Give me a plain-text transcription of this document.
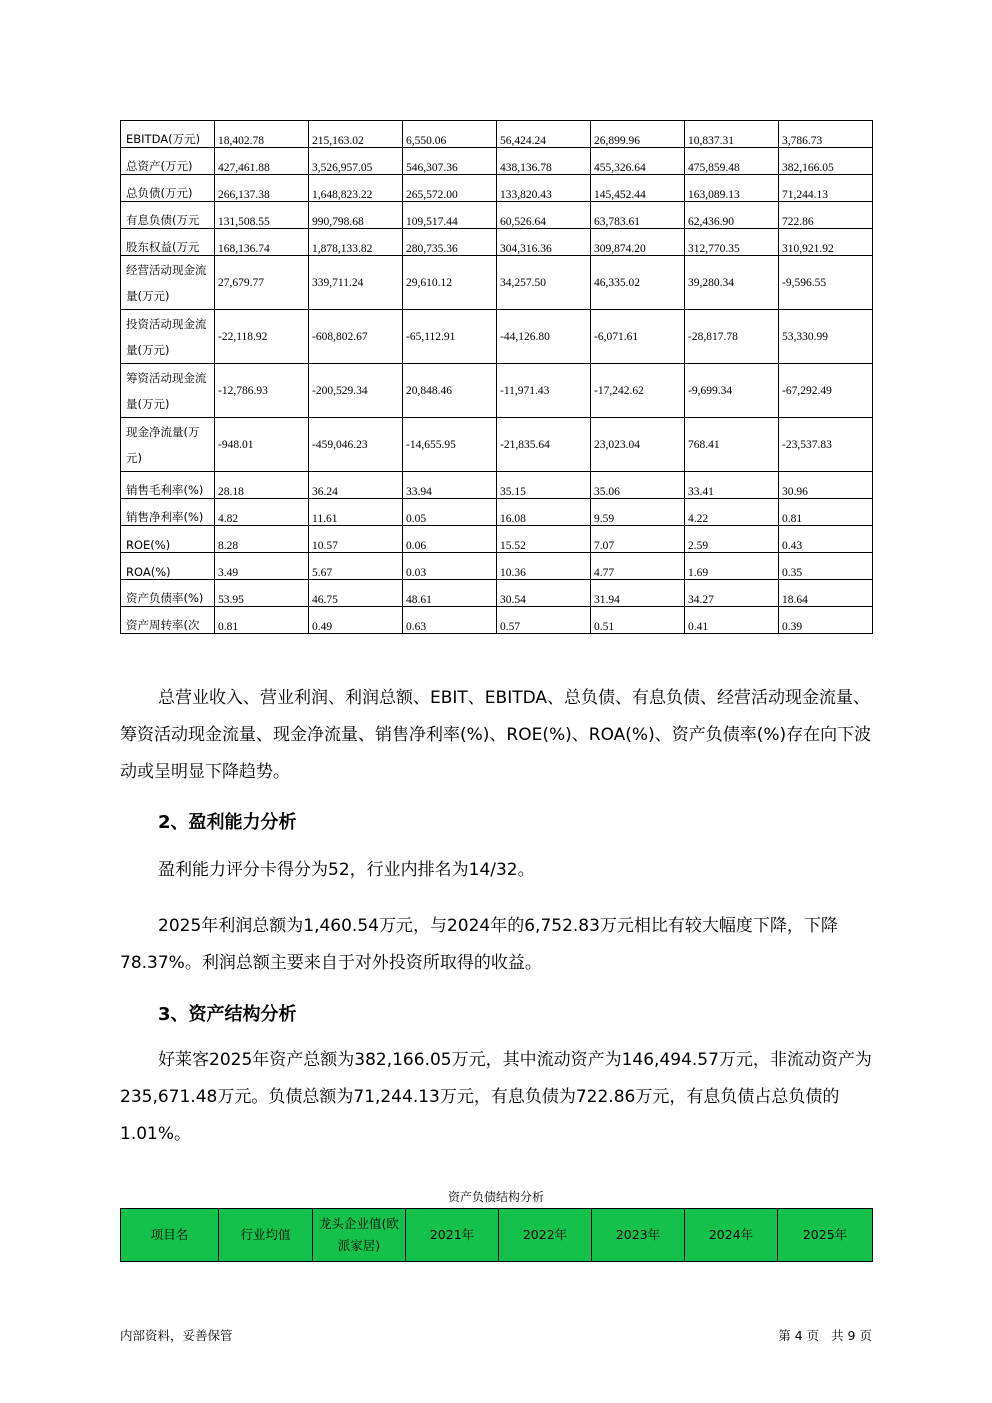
EBITDA(万元)	18,402.78	215,163.02	6,550.06	56,424.24	26,899.96	10,837.31	3,786.73
总资产(万元)	427,461.88	3,526,957.05	546,307.36	438,136.78	455,326.64	475,859.48	382,166.05
总负债(万元)	266,137.38	1,648,823.22	265,572.00	133,820.43	145,452.44	163,089.13	71,244.13
有息负债(万元	131,508.55	990,798.68	109,517.44	60,526.64	63,783.61	62,436.90	722.86
股东权益(万元	168,136.74	1,878,133.82	280,735.36	304,316.36	309,874.20	312,770.35	310,921.92
经营活动现金流量(万元)	27,679.77	339,711.24	29,610.12	34,257.50	46,335.02	39,280.34	-9,596.55
投资活动现金流量(万元)	-22,118.92	-608,802.67	-65,112.91	-44,126.80	-6,071.61	-28,817.78	53,330.99
筹资活动现金流量(万元)	-12,786.93	-200,529.34	20,848.46	-11,971.43	-17,242.62	-9,699.34	-67,292.49
现金净流量(万元)	-948.01	-459,046.23	-14,655.95	-21,835.64	23,023.04	768.41	-23,537.83
销售毛利率(%)	28.18	36.24	33.94	35.15	35.06	33.41	30.96
销售净利率(%)	4.82	11.61	0.05	16.08	9.59	4.22	0.81
ROE(%)	8.28	10.57	0.06	15.52	7.07	2.59	0.43
ROA(%)	3.49	5.67	0.03	10.36	4.77	1.69	0.35
资产负债率(%)	53.95	46.75	48.61	30.54	31.94	34.27	18.64
资产周转率(次	0.81	0.49	0.63	0.57	0.51	0.41	0.39
总营业收入、营业利润、利润总额、EBIT、EBITDA、总负债、有息负债、经营活动现金流量、筹资活动现金流量、现金净流量、销售净利率(%)、ROE(%)、ROA(%)、资产负债率(%)存在向下波动或呈明显下降趋势。
2、盈利能力分析
盈利能力评分卡得分为52，行业内排名为14/32。
2025年利润总额为1,460.54万元，与2024年的6,752.83万元相比有较大幅度下降，下降78.37%。利润总额主要来自于对外投资所取得的收益。
3、资产结构分析
好莱客2025年资产总额为382,166.05万元，其中流动资产为146,494.57万元，非流动资产为235,671.48万元。负债总额为71,244.13万元，有息负债为722.86万元，有息负债占总负债的1.01%。
资产负债结构分析
项目名	行业均值	龙头企业值(欧派家居)	2021年	2022年	2023年	2024年	2025年
内部资料，妥善保管	第 4 页   共 9 页
